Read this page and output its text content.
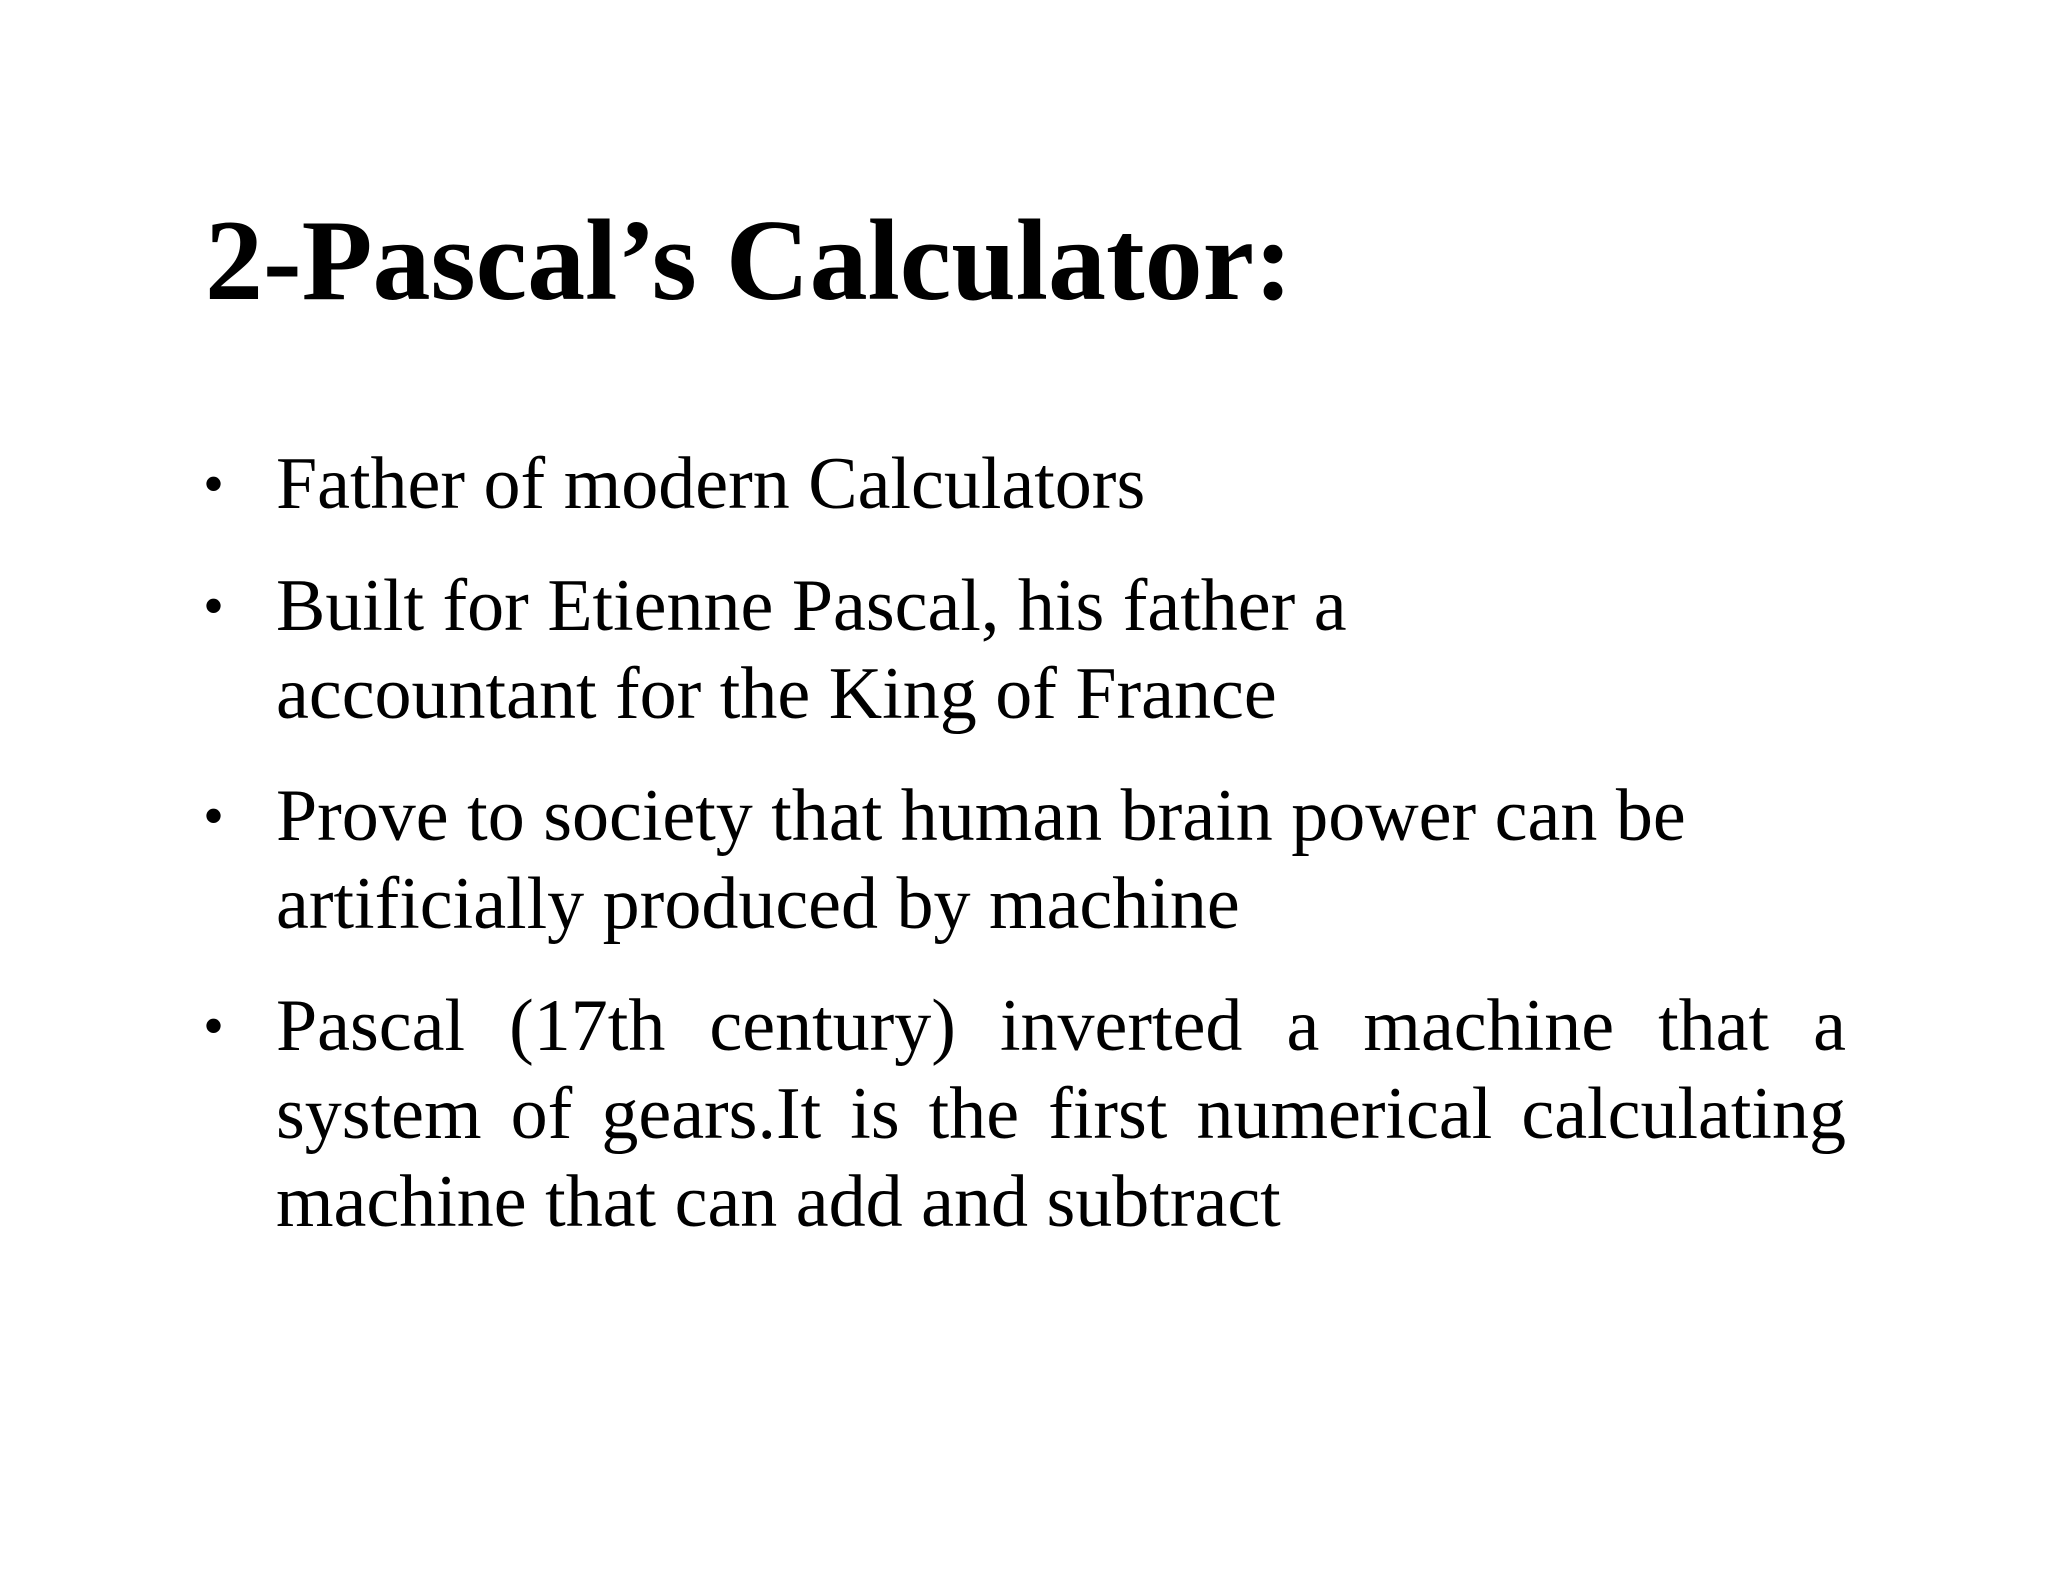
2-Pascal’s Calculator:
• Father of modern Calculators
• Built for Etienne Pascal, his father a accountant for the King of France
• Prove to society that human brain power can be artificially produced by machine
• Pascal (17th century) inverted a machine that a system of gears.It is the first numerical calculating machine that can add and subtract
